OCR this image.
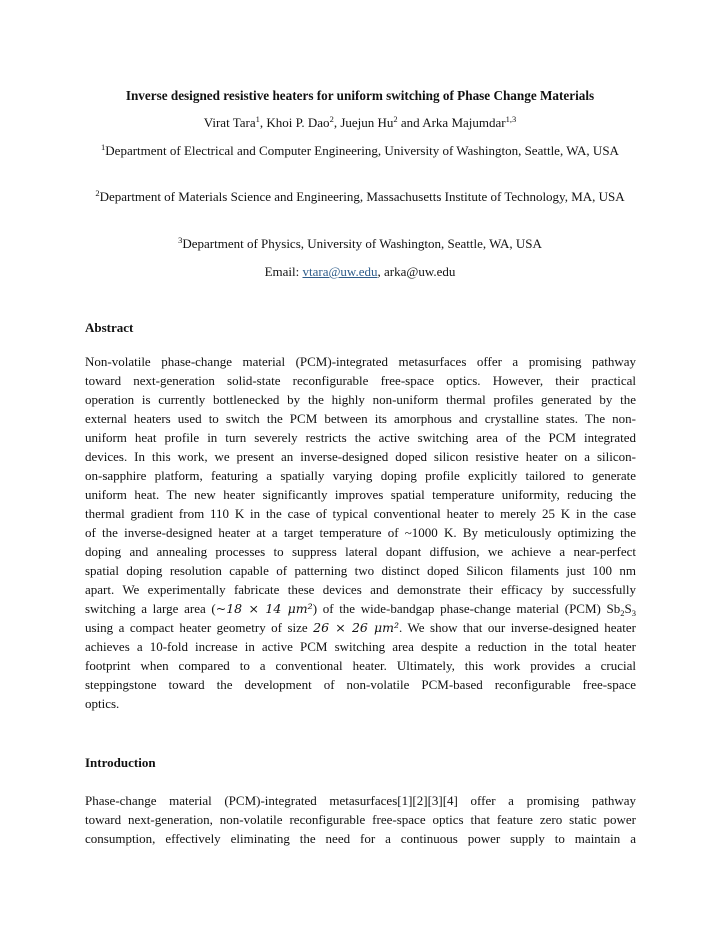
Inverse designed resistive heaters for uniform switching of Phase Change Materials
Virat Tara$^1$, Khoi P. Dao$^2$, Juejun Hu$^2$ and Arka Majumdar$^{1,3}$
$^1$Department of Electrical and Computer Engineering, University of Washington, Seattle, WA, USA
$^2$Department of Materials Science and Engineering, Massachusetts Institute of Technology, MA, USA
$^3$Department of Physics, University of Washington, Seattle, WA, USA
Email: vtara@uw.edu, arka@uw.edu
Abstract
Non-volatile phase-change material (PCM)-integrated metasurfaces offer a promising pathway
toward next-generation solid-state reconfigurable free-space optics. However, their practical
operation is currently bottlenecked by the highly non-uniform thermal profiles generated by the
external heaters used to switch the PCM between its amorphous and crystalline states. The non-
uniform heat profile in turn severely restricts the active switching area of the PCM integrated
devices. In this work, we present an inverse-designed doped silicon resistive heater on a silicon-
on-sapphire platform, featuring a spatially varying doping profile explicitly tailored to generate
uniform heat. The new heater significantly improves spatial temperature uniformity, reducing the
thermal gradient from 110 K in the case of typical conventional heater to merely 25 K in the case
of the inverse-designed heater at a target temperature of ~1000 K. By meticulously optimizing the
doping and annealing processes to suppress lateral dopant diffusion, we achieve a near-perfect
spatial doping resolution capable of patterning two distinct doped Silicon filaments just 100 nm
apart. We experimentally fabricate these devices and demonstrate their efficacy by successfully
switching a large area (~18 × 14 μm²) of the wide-bandgap phase-change material (PCM) $Sb_2S_3$
using a compact heater geometry of size 26 × 26 μm². We show that our inverse-designed heater
achieves a 10-fold increase in active PCM switching area despite a reduction in the total heater
footprint when compared to a conventional heater. Ultimately, this work provides a crucial
steppingstone toward the development of non-volatile PCM-based reconfigurable free-space
optics.
Introduction
Phase-change material (PCM)-integrated metasurfaces[1][2][3][4] offer a promising pathway
toward next-generation, non-volatile reconfigurable free-space optics that feature zero static power
consumption, effectively eliminating the need for a continuous power supply to maintain a
